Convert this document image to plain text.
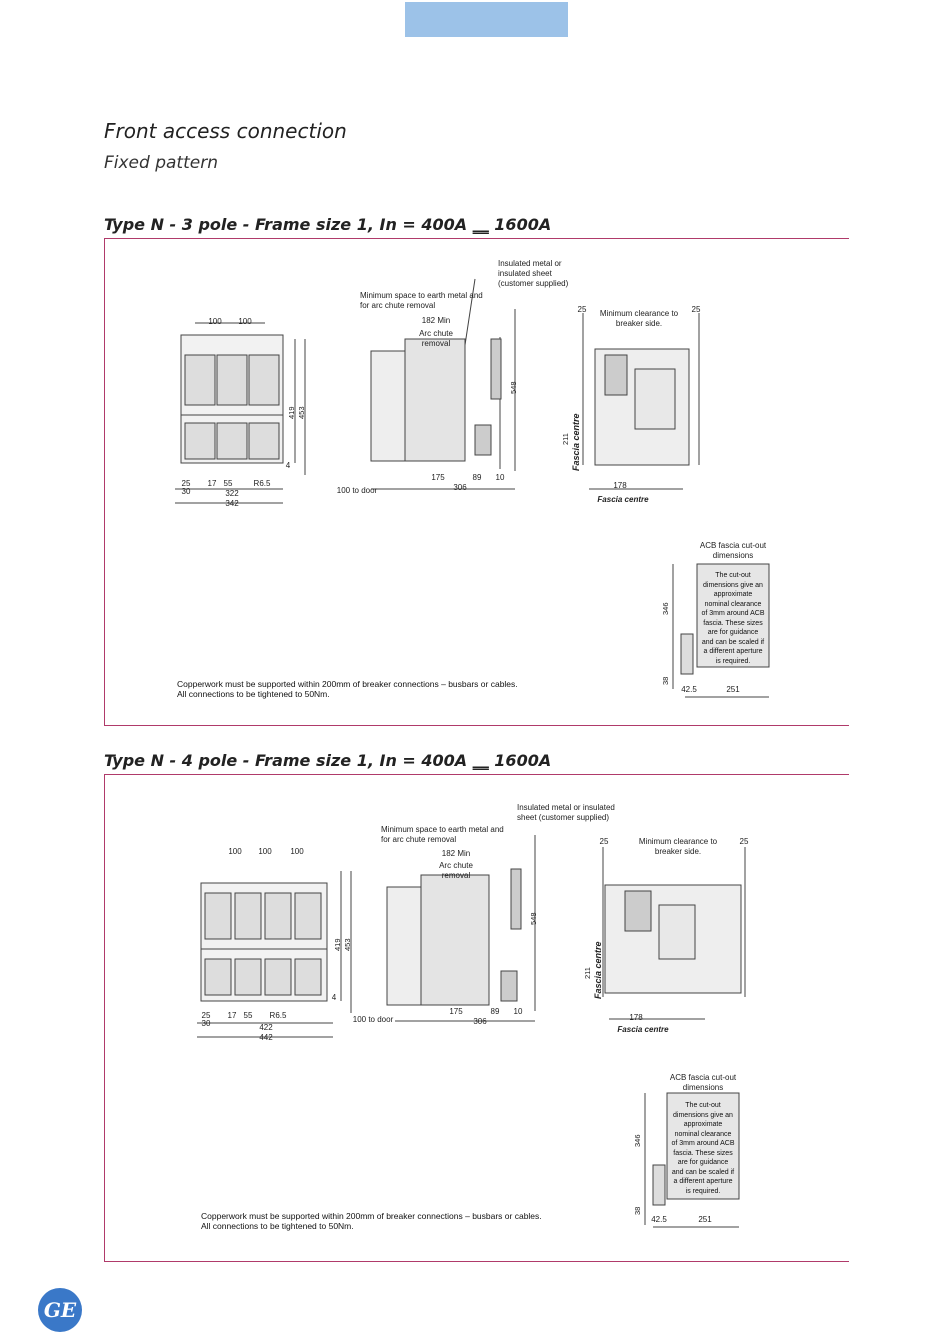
Front access connection
Fixed pattern
Type N - 3 pole - Frame size 1, In = 400A ‗‗ 1600A
Insulated metal or insulated sheet (customer supplied)
Minimum space to earth metal and for arc chute removal
182 Min
Arc chute removal
Minimum clearance to breaker side.
Fascia centre
Fascia centre
100 to door
ACB fascia cut-out dimensions
The cut-out dimensions give an approximate nominal clearance of 3mm around ACB fascia. These sizes are for guidance and can be scaled if a different aperture is required.
100	100
419 453
548
25
30
17 55	R6.5
4
322
342
175	89	10
306
211
178
25	25
346
38
42.5	251
Copperwork must be supported within 200mm of breaker connections – busbars or cables.
All connections to be tightened to 50Nm.
Type N - 4 pole - Frame size 1, In = 400A ‗‗ 1600A
Insulated metal or insulated sheet (customer supplied)
Minimum space to earth metal and for arc chute removal
182 Min
Arc chute removal
Minimum clearance to breaker side.
Fascia centre
Fascia centre
100 to door
ACB fascia cut-out dimensions
The cut-out dimensions give an approximate nominal clearance of 3mm around ACB fascia. These sizes are for guidance and can be scaled if a different aperture is required.
100	100	100
419 453
548
25
30
17 55	R6.5
4
422
442
175	89	10
306
211
178
25	25
346
38
42.5	251
Copperwork must be supported within 200mm of breaker connections – busbars or cables.
All connections to be tightened to 50Nm.
GE
